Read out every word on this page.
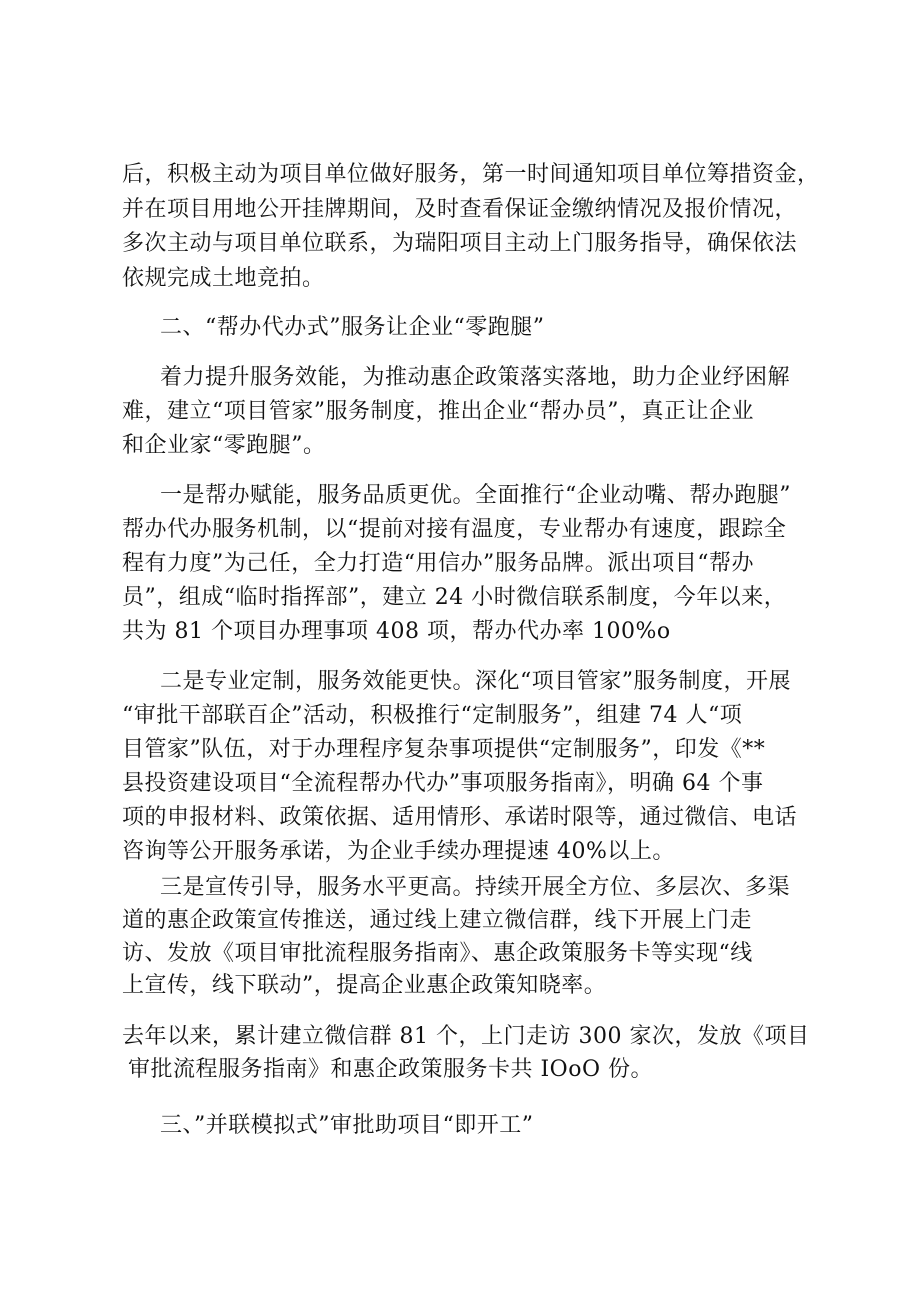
后，积极主动为项目单位做好服务，第一时间通知项目单位筹措资金，
并在项目用地公开挂牌期间，及时查看保证金缴纳情况及报价情况，
多次主动与项目单位联系，为瑞阳项目主动上门服务指导，确保依法
依规完成土地竞拍。
二、“帮办代办式”服务让企业“零跑腿”
着力提升服务效能，为推动惠企政策落实落地，助力企业纾困解
难，建立“项目管家”服务制度，推出企业“帮办员”，真正让企业
和企业家“零跑腿”。
一是帮办赋能，服务品质更优。全面推行“企业动嘴、帮办跑腿”
帮办代办服务机制，以“提前对接有温度，专业帮办有速度，跟踪全
程有力度”为己任，全力打造“用信办”服务品牌。派出项目“帮办
员”，组成“临时指挥部”，建立 24 小时微信联系制度，今年以来，
共为 81 个项目办理事项 408 项，帮办代办率 100%o
二是专业定制，服务效能更快。深化“项目管家”服务制度，开展
“审批干部联百企”活动，积极推行“定制服务”，组建 74 人“项
目管家”队伍，对于办理程序复杂事项提供“定制服务”，印发《**
县投资建设项目“全流程帮办代办”事项服务指南》，明确 64 个事
项的申报材料、政策依据、适用情形、承诺时限等，通过微信、电话
咨询等公开服务承诺，为企业手续办理提速 40%以上。
三是宣传引导，服务水平更高。持续开展全方位、多层次、多渠
道的惠企政策宣传推送，通过线上建立微信群，线下开展上门走
访、发放《项目审批流程服务指南》、惠企政策服务卡等实现“线
上宣传，线下联动”，提高企业惠企政策知晓率。
去年以来，累计建立微信群 81 个，上门走访 300 家次，发放《项目
审批流程服务指南》和惠企政策服务卡共 IOoO 份。
三、”并联模拟式”审批助项目“即开工”
